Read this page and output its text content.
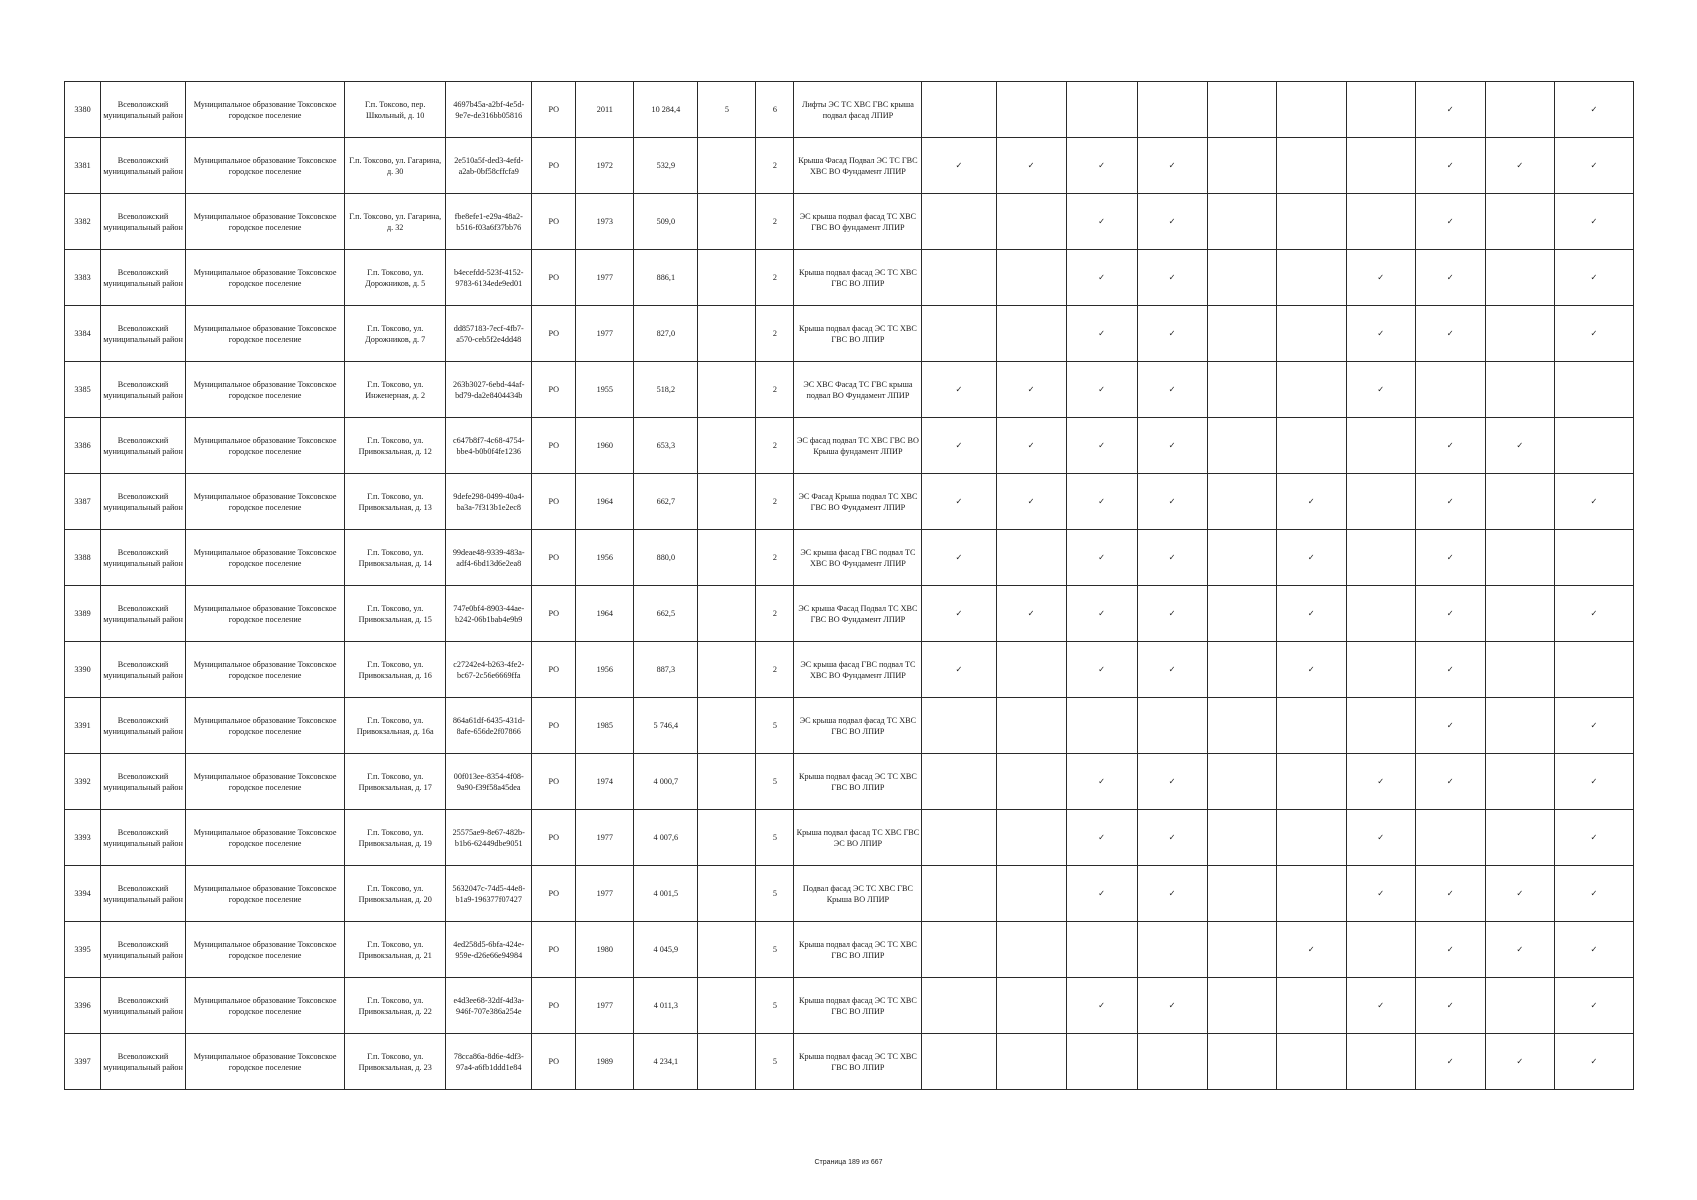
3380	Всеволожский муниципальный район	Муниципальное образование Токсовское городское поселение	Г.п. Токсово, пер. Школьный, д. 10	4697b45a-a2bf-4e5d-9e7e-de316bb05816	РО	2011	10 284,4	5	6	Лифты ЭС ТС ХВС ГВС крыша подвал фасад ЛПИР								✓		✓
3381	Всеволожский муниципальный район	Муниципальное образование Токсовское городское поселение	Г.п. Токсово, ул. Гагарина, д. 30	2e510a5f-ded3-4efd-a2ab-0bf58cffcfa9	РО	1972	532,9		2	Крыша Фасад Подвал ЭС ТС ГВС ХВС ВО Фундамент ЛПИР	✓	✓	✓	✓				✓	✓	✓
3382	Всеволожский муниципальный район	Муниципальное образование Токсовское городское поселение	Г.п. Токсово, ул. Гагарина, д. 32	fbe8efe1-e29a-48a2-b516-f03a6f37bb76	РО	1973	509,0		2	ЭС крыша подвал фасад ТС ХВС ГВС ВО фундамент ЛПИР			✓	✓				✓		✓
3383	Всеволожский муниципальный район	Муниципальное образование Токсовское городское поселение	Г.п. Токсово, ул. Дорожников, д. 5	b4ecefdd-523f-4152-9783-6134ede9ed01	РО	1977	886,1		2	Крыша подвал фасад ЭС ТС ХВС ГВС ВО ЛПИР			✓	✓			✓	✓		✓
3384	Всеволожский муниципальный район	Муниципальное образование Токсовское городское поселение	Г.п. Токсово, ул. Дорожников, д. 7	dd857183-7ecf-4fb7-a570-ceb5f2e4dd48	РО	1977	827,0		2	Крыша подвал фасад ЭС ТС ХВС ГВС ВО ЛПИР			✓	✓			✓	✓		✓
3385	Всеволожский муниципальный район	Муниципальное образование Токсовское городское поселение	Г.п. Токсово, ул. Инженерная, д. 2	263b3027-6ebd-44af-bd79-da2e8404434b	РО	1955	518,2		2	ЭС ХВС Фасад ТС ГВС крыша подвал ВО Фундамент ЛПИР	✓	✓	✓	✓			✓			
3386	Всеволожский муниципальный район	Муниципальное образование Токсовское городское поселение	Г.п. Токсово, ул. Привокзальная, д. 12	c647b8f7-4c68-4754-bbe4-b0b0f4fe1236	РО	1960	653,3		2	ЭС фасад подвал ТС ХВС ГВС ВО Крыша фундамент ЛПИР	✓	✓	✓	✓				✓	✓	
3387	Всеволожский муниципальный район	Муниципальное образование Токсовское городское поселение	Г.п. Токсово, ул. Привокзальная, д. 13	9defe298-0499-40a4-ba3a-7f313b1e2ec8	РО	1964	662,7		2	ЭС Фасад Крыша подвал ТС ХВС ГВС ВО Фундамент ЛПИР	✓	✓	✓	✓		✓		✓		✓
3388	Всеволожский муниципальный район	Муниципальное образование Токсовское городское поселение	Г.п. Токсово, ул. Привокзальная, д. 14	99deae48-9339-483a-adf4-6bd13d6e2ea8	РО	1956	880,0		2	ЭС крыша фасад ГВС подвал ТС ХВС ВО Фундамент ЛПИР	✓		✓	✓		✓		✓		
3389	Всеволожский муниципальный район	Муниципальное образование Токсовское городское поселение	Г.п. Токсово, ул. Привокзальная, д. 15	747e0bf4-8903-44ae-b242-06b1bab4e9b9	РО	1964	662,5		2	ЭС крыша Фасад Подвал ТС ХВС ГВС ВО Фундамент ЛПИР	✓	✓	✓	✓		✓		✓		✓
3390	Всеволожский муниципальный район	Муниципальное образование Токсовское городское поселение	Г.п. Токсово, ул. Привокзальная, д. 16	c27242e4-b263-4fe2-bc67-2c56e6669ffa	РО	1956	887,3		2	ЭС крыша фасад ГВС подвал ТС ХВС ВО Фундамент ЛПИР	✓		✓	✓		✓		✓		
3391	Всеволожский муниципальный район	Муниципальное образование Токсовское городское поселение	Г.п. Токсово, ул. Привокзальная, д. 16а	864a61df-6435-431d-8afe-656de2f07866	РО	1985	5 746,4		5	ЭС крыша подвал фасад ТС ХВС ГВС ВО ЛПИР								✓		✓
3392	Всеволожский муниципальный район	Муниципальное образование Токсовское городское поселение	Г.п. Токсово, ул. Привокзальная, д. 17	00f013ee-8354-4f08-9a90-f39f58a45dea	РО	1974	4 000,7		5	Крыша подвал фасад ЭС ТС ХВС ГВС ВО ЛПИР			✓	✓			✓	✓		✓
3393	Всеволожский муниципальный район	Муниципальное образование Токсовское городское поселение	Г.п. Токсово, ул. Привокзальная, д. 19	25575ae9-8e67-482b-b1b6-62449dbe9051	РО	1977	4 007,6		5	Крыша подвал фасад ТС ХВС ГВС ЭС ВО ЛПИР			✓	✓			✓			✓
3394	Всеволожский муниципальный район	Муниципальное образование Токсовское городское поселение	Г.п. Токсово, ул. Привокзальная, д. 20	5632047c-74d5-44e8-b1a9-196377f07427	РО	1977	4 001,5		5	Подвал фасад ЭС ТС ХВС ГВС Крыша ВО ЛПИР			✓	✓			✓	✓	✓	✓
3395	Всеволожский муниципальный район	Муниципальное образование Токсовское городское поселение	Г.п. Токсово, ул. Привокзальная, д. 21	4ed258d5-6bfa-424e-959e-d26e66e94984	РО	1980	4 045,9		5	Крыша подвал фасад ЭС ТС ХВС ГВС ВО ЛПИР						✓		✓	✓	✓
3396	Всеволожский муниципальный район	Муниципальное образование Токсовское городское поселение	Г.п. Токсово, ул. Привокзальная, д. 22	e4d3ee68-32df-4d3a-946f-707e386a254e	РО	1977	4 011,3		5	Крыша подвал фасад ЭС ТС ХВС ГВС ВО ЛПИР			✓	✓			✓	✓		✓
3397	Всеволожский муниципальный район	Муниципальное образование Токсовское городское поселение	Г.п. Токсово, ул. Привокзальная, д. 23	78cca86a-8d6e-4df3-97a4-a6fb1ddd1e84	РО	1989	4 234,1		5	Крыша подвал фасад ЭС ТС ХВС ГВС ВО ЛПИР								✓	✓	✓
Страница 189 из 667
